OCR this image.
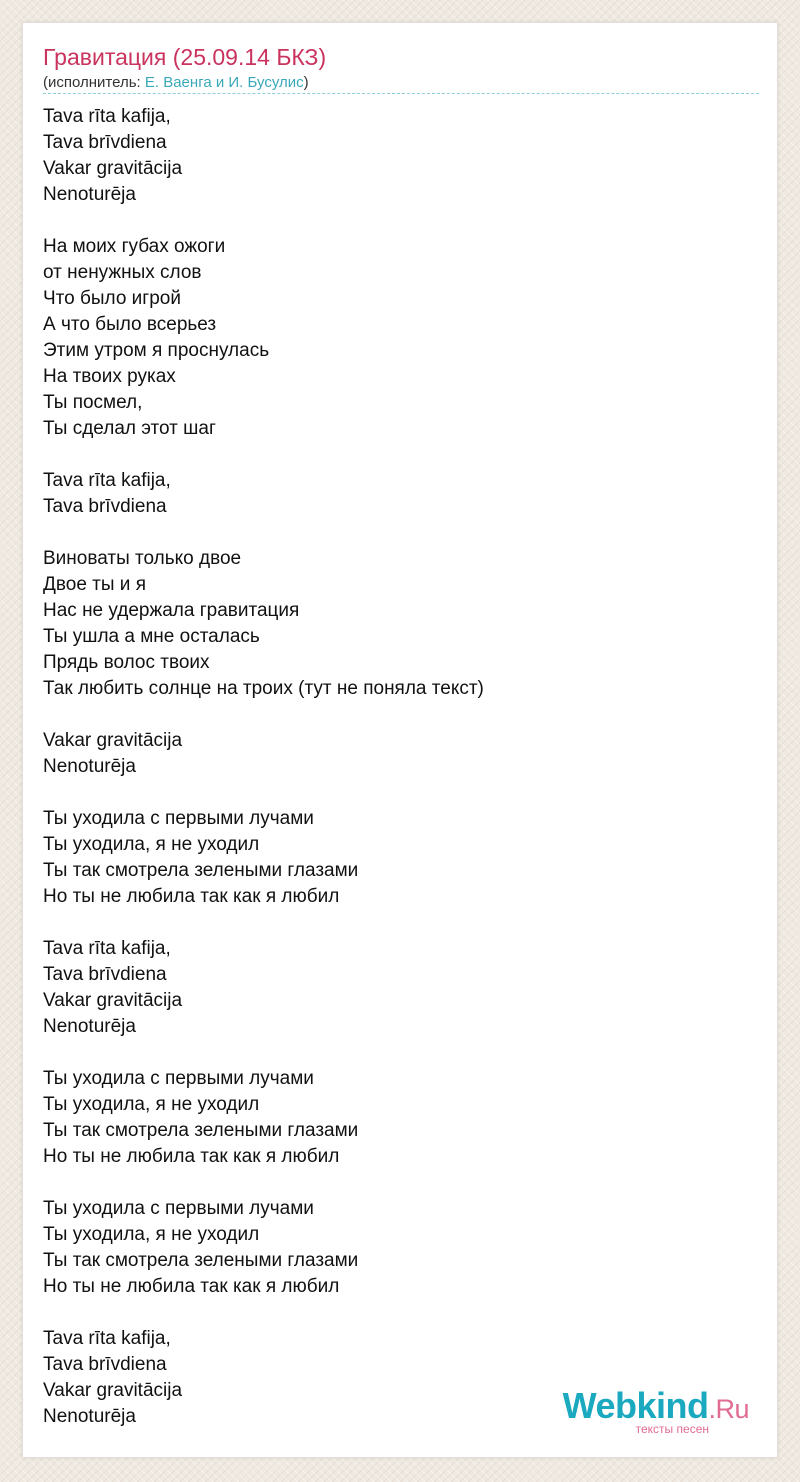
Гравитация (25.09.14 БКЗ)
(исполнитель: Е. Ваенга и И. Бусулис)
Tava rīta kafija,
Tava brīvdiena
Vakar gravitācija
Nenoturēja
На моих губах ожоги
от ненужных слов
Что было игрой
А что было всерьез
Этим утром я проснулась
На твоих руках
Ты посмел,
Ты сделал этот шаг
Tava rīta kafija,
Tava brīvdiena
Виноваты только двое
Двое ты и я
Нас не удержала гравитация
Ты ушла а мне осталась
Прядь волос твоих
Так любить солнце на троих (тут не поняла текст)
Vakar gravitācija
Nenoturēja
Ты уходила с первыми лучами
Ты уходила, я не уходил
Ты так смотрела зелеными глазами
Но ты не любила так как я любил
Tava rīta kafija,
Tava brīvdiena
Vakar gravitācija
Nenoturēja
Ты уходила с первыми лучами
Ты уходила, я не уходил
Ты так смотрела зелеными глазами
Но ты не любила так как я любил
Ты уходила с первыми лучами
Ты уходила, я не уходил
Ты так смотрела зелеными глазами
Но ты не любила так как я любил
Tava rīta kafija,
Tava brīvdiena
Vakar gravitācija
Nenoturēja	Webkind.Ru
тексты песен
